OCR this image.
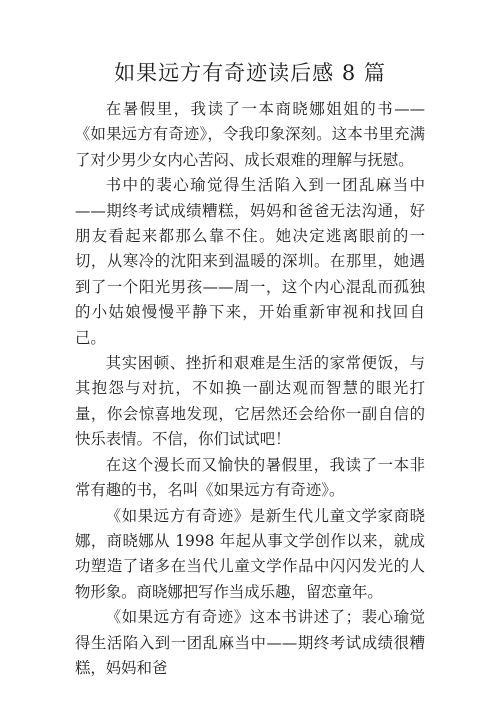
如果远方有奇迹读后感 8 篇

在暑假里，我读了一本商晓娜姐姐的书——《如果远方有奇迹》，令我印象深刻。这本书里充满了对少男少女内心苦闷、成长艰难的理解与抚慰。

书中的裴心瑜觉得生活陷入到一团乱麻当中——期终考试成绩糟糕，妈妈和爸爸无法沟通，好朋友看起来都那么靠不住。她决定逃离眼前的一切，从寒冷的沈阳来到温暖的深圳。在那里，她遇到了一个阳光男孩——周一，这个内心混乱而孤独的小姑娘慢慢平静下来，开始重新审视和找回自己。

其实困顿、挫折和艰难是生活的家常便饭，与其抱怨与对抗，不如换一副达观而智慧的眼光打量，你会惊喜地发现，它居然还会给你一副自信的快乐表情。不信，你们试试吧！

在这个漫长而又愉快的暑假里，我读了一本非常有趣的书，名叫《如果远方有奇迹》。

《如果远方有奇迹》是新生代儿童文学家商晓娜，商晓娜从 1998 年起从事文学创作以来，就成功塑造了诸多在当代儿童文学作品中闪闪发光的人物形象。商晓娜把写作当成乐趣，留恋童年。

《如果远方有奇迹》这本书讲述了；裴心瑜觉得生活陷入到一团乱麻当中——期终考试成绩很糟糕，妈妈和爸
